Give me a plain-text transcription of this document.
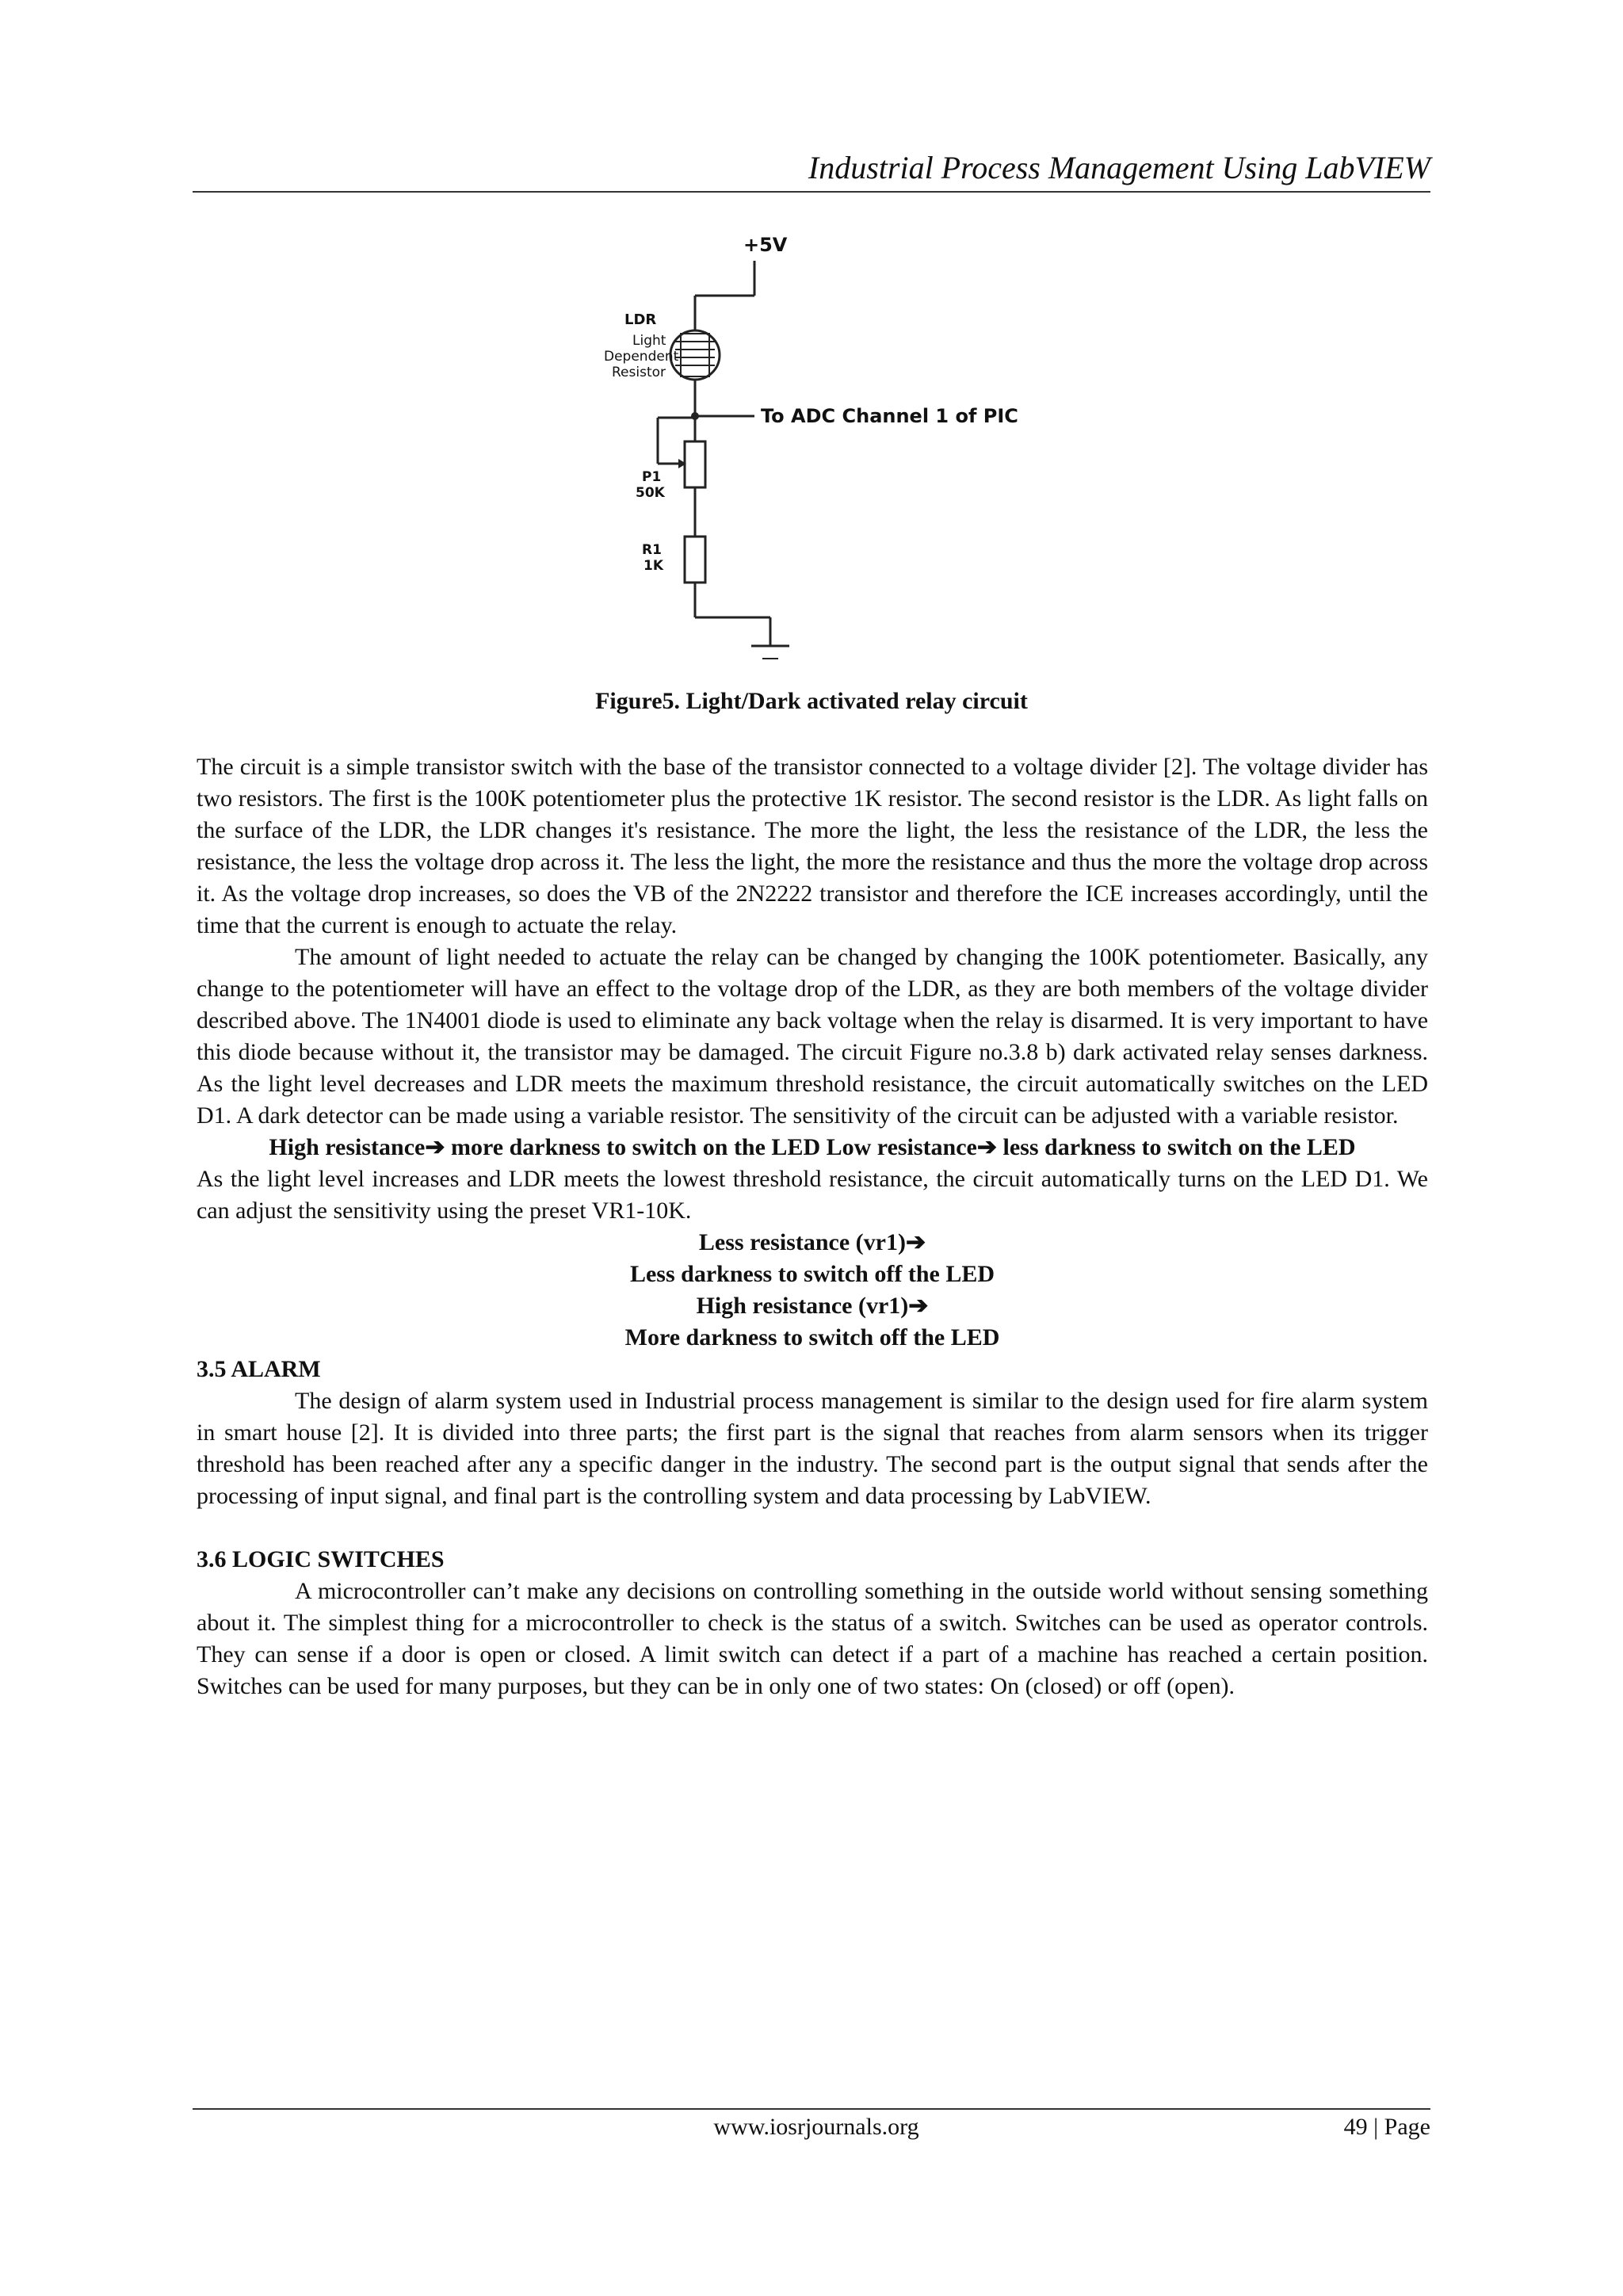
Industrial Process Management Using LabVIEW
+5V
LDR
Light
Dependent
Resistor
To ADC Channel 1 of PIC
P1
50K
R1
1K
Figure5. Light/Dark activated relay circuit

The circuit is a simple transistor switch with the base of the transistor connected to a voltage divider [2]. The voltage divider has two resistors. The first is the 100K potentiometer plus the protective 1K resistor. The second resistor is the LDR. As light falls on the surface of the LDR, the LDR changes it's resistance. The more the light, the less the resistance of the LDR, the less the resistance, the less the voltage drop across it. The less the light, the more the resistance and thus the more the voltage drop across it. As the voltage drop increases, so does the VB of the 2N2222 transistor and therefore the ICE increases accordingly, until the time that the current is enough to actuate the relay.

The amount of light needed to actuate the relay can be changed by changing the 100K potentiometer. Basically, any change to the potentiometer will have an effect to the voltage drop of the LDR, as they are both members of the voltage divider described above. The 1N4001 diode is used to eliminate any back voltage when the relay is disarmed. It is very important to have this diode because without it, the transistor may be damaged. The circuit Figure no.3.8 b) dark activated relay senses darkness. As the light level decreases and LDR meets the maximum threshold resistance, the circuit automatically switches on the LED D1. A dark detector can be made using a variable resistor. The sensitivity of the circuit can be adjusted with a variable resistor.

High resistance➔ more darkness to switch on the LED Low resistance➔ less darkness to switch on the LED

As the light level increases and LDR meets the lowest threshold resistance, the circuit automatically turns on the LED D1. We can adjust the sensitivity using the preset VR1-10K.

Less resistance (vr1)➔

Less darkness to switch off the LED

High resistance (vr1)➔

More darkness to switch off the LED

3.5 ALARM

The design of alarm system used in Industrial process management is similar to the design used for fire alarm system in smart house [2]. It is divided into three parts; the first part is the signal that reaches from alarm sensors when its trigger threshold has been reached after any a specific danger in the industry. The second part is the output signal that sends after the processing of input signal, and final part is the controlling system and data processing by LabVIEW.

3.6 LOGIC SWITCHES

A microcontroller can’t make any decisions on controlling something in the outside world without sensing something about it. The simplest thing for a microcontroller to check is the status of a switch. Switches can be used as operator controls. They can sense if a door is open or closed. A limit switch can detect if a part of a machine has reached a certain position. Switches can be used for many purposes, but they can be in only one of two states: On (closed) or off (open).

www.iosrjournals.org	49 | Page
